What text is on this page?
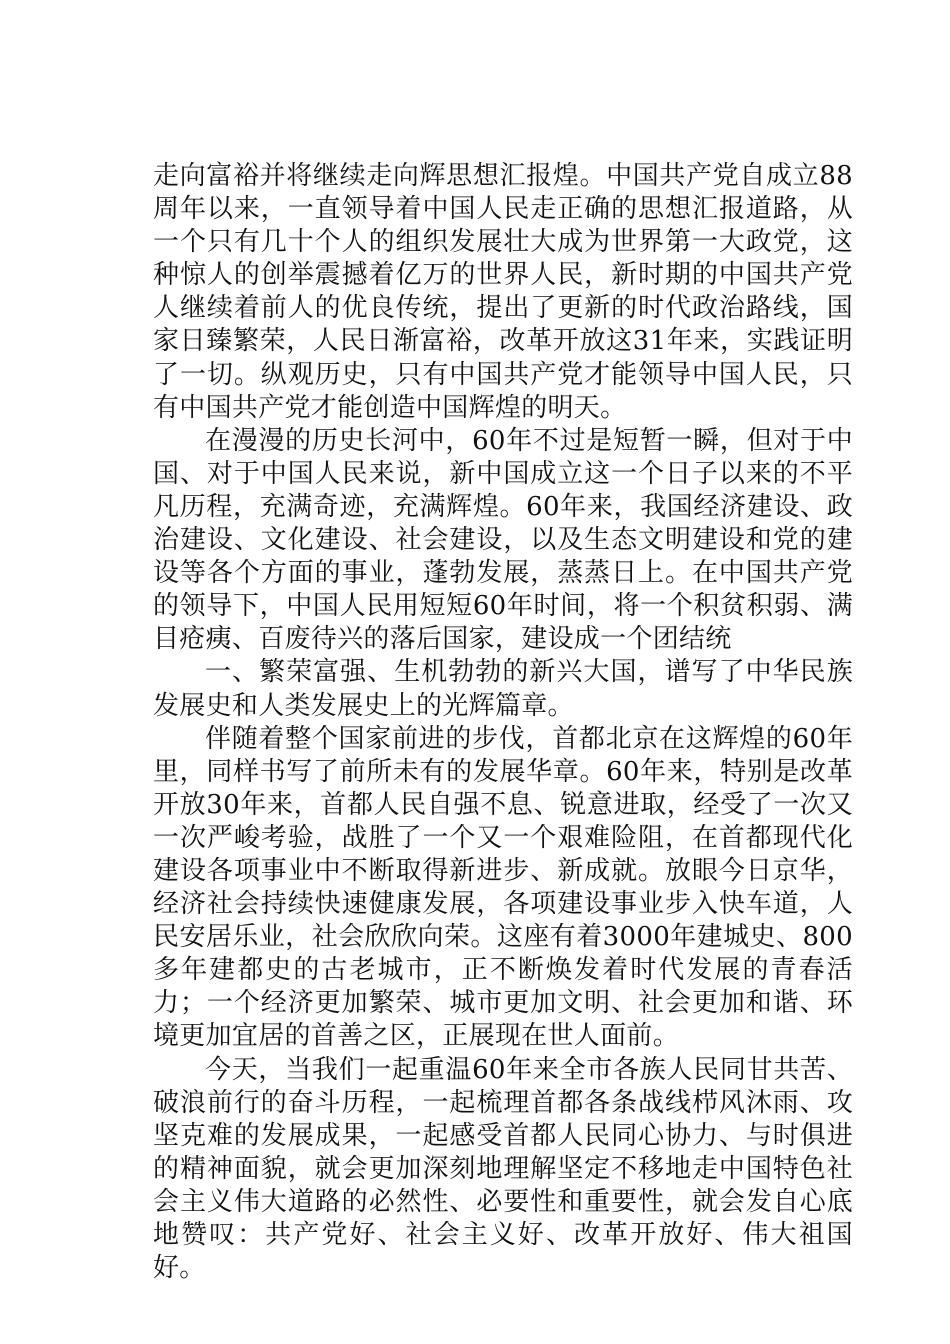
走向富裕并将继续走向辉思想汇报煌。中国共产党自成立88周年以来，一直领导着中国人民走正确的思想汇报道路，从一个只有几十个人的组织发展壮大成为世界第一大政党，这种惊人的创举震撼着亿万的世界人民，新时期的中国共产党人继续着前人的优良传统，提出了更新的时代政治路线，国家日臻繁荣，人民日渐富裕，改革开放这31年来，实践证明了一切。纵观历史，只有中国共产党才能领导中国人民，只有中国共产党才能创造中国辉煌的明天。

在漫漫的历史长河中，60年不过是短暂一瞬，但对于中国、对于中国人民来说，新中国成立这一个日子以来的不平凡历程，充满奇迹，充满辉煌。60年来，我国经济建设、政治建设、文化建设、社会建设，以及生态文明建设和党的建设等各个方面的事业，蓬勃发展，蒸蒸日上。在中国共产党的领导下，中国人民用短短60年时间，将一个积贫积弱、满目疮痍、百废待兴的落后国家，建设成一个团结统

一、繁荣富强、生机勃勃的新兴大国，谱写了中华民族发展史和人类发展史上的光辉篇章。

伴随着整个国家前进的步伐，首都北京在这辉煌的60年里，同样书写了前所未有的发展华章。60年来，特别是改革开放30年来，首都人民自强不息、锐意进取，经受了一次又一次严峻考验，战胜了一个又一个艰难险阻，在首都现代化建设各项事业中不断取得新进步、新成就。放眼今日京华，经济社会持续快速健康发展，各项建设事业步入快车道，人民安居乐业，社会欣欣向荣。这座有着3000年建城史、800多年建都史的古老城市，正不断焕发着时代发展的青春活力；一个经济更加繁荣、城市更加文明、社会更加和谐、环境更加宜居的首善之区，正展现在世人面前。

今天，当我们一起重温60年来全市各族人民同甘共苦、破浪前行的奋斗历程，一起梳理首都各条战线栉风沐雨、攻坚克难的发展成果，一起感受首都人民同心协力、与时俱进的精神面貌，就会更加深刻地理解坚定不移地走中国特色社会主义伟大道路的必然性、必要性和重要性，就会发自心底地赞叹：共产党好、社会主义好、改革开放好、伟大祖国好。
